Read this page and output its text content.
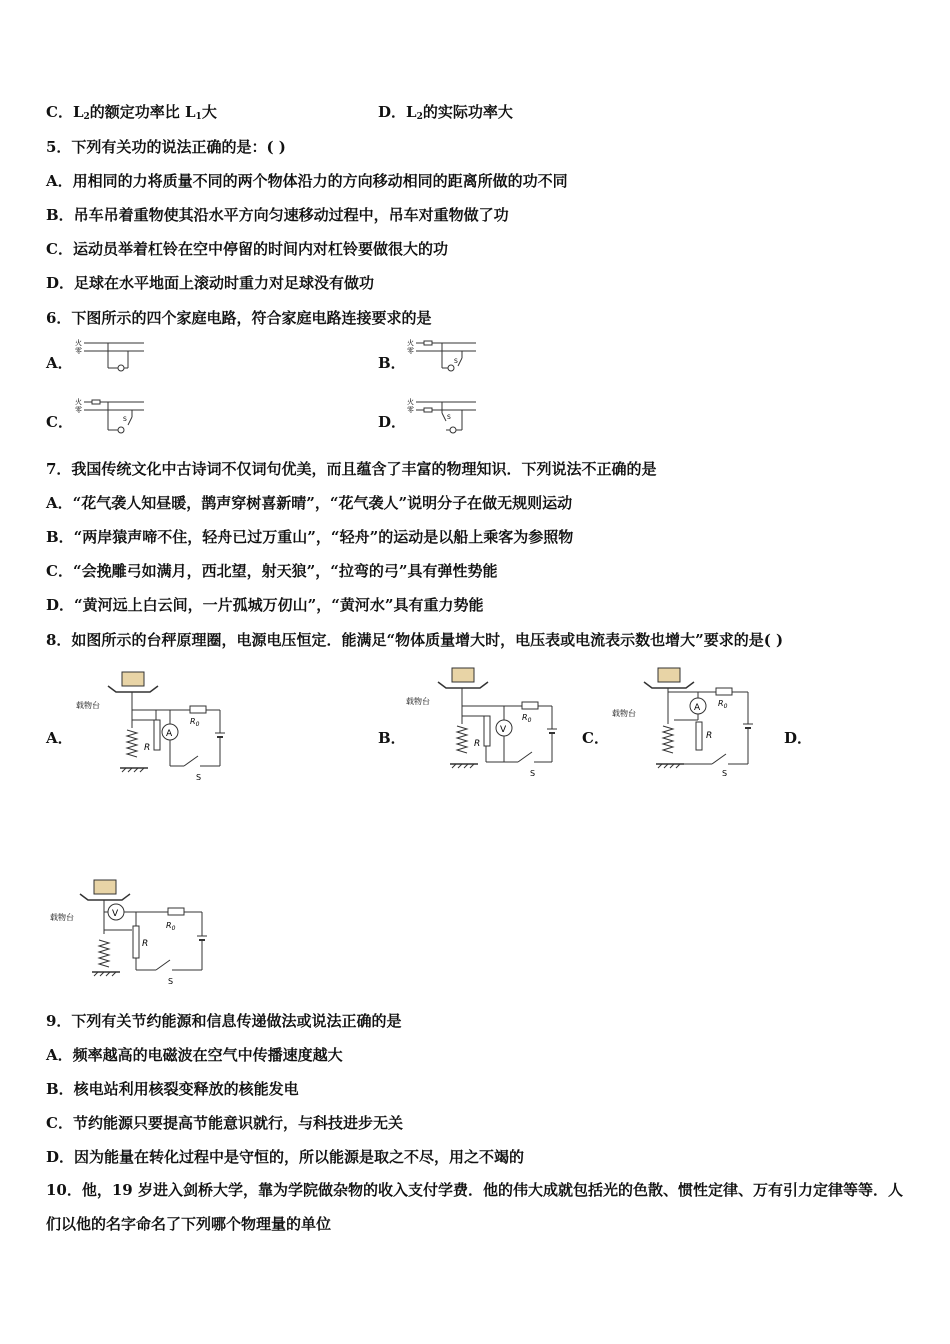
C．$L_2$的额定功率比 $L_1$大	D．$L_2$的实际功率大
5．下列有关功的说法正确的是：( )
A．用相同的力将质量不同的两个物体沿力的方向移动相同的距离所做的功不同
B．吊车吊着重物使其沿水平方向匀速移动过程中，吊车对重物做了功
C．运动员举着杠铃在空中停留的时间内对杠铃要做很大的功
D．足球在水平地面上滚动时重力对足球没有做功
6．下图所示的四个家庭电路，符合家庭电路连接要求的是
A．
火
零
B．
火
零
S
C．
火
零
S	D．
火
零
S
7．我国传统文化中古诗词不仅词句优美，而且蕴含了丰富的物理知识．下列说法不正确的是
A．“花气袭人知昼暖，鹊声穿树喜新晴”，“花气袭人”说明分子在做无规则运动
B．“两岸猿声啼不住，轻舟已过万重山”，“轻舟”的运动是以船上乘客为参照物
C．“会挽雕弓如满月，西北望，射天狼”，“拉弯的弓”具有弹性势能
D．“黄河远上白云间，一片孤城万仞山”，“黄河水”具有重力势能
8．如图所示的台秤原理圈，电源电压恒定．能满足“物体质量增大时，电压表或电流表示数也增大”要求的是( )
A．
载物台
R
A
$R_0$
S
B．
载物台
R
V
$R_0$
S
C．
载物台
A
R
$R_0$
S
D．
载物台	V
R
$R_0$
S
9．下列有关节约能源和信息传递做法或说法正确的是
A．频率越高的电磁波在空气中传播速度越大
B．核电站利用核裂变释放的核能发电
C．节约能源只要提高节能意识就行，与科技进步无关
D．因为能量在转化过程中是守恒的，所以能源是取之不尽，用之不竭的
10．他，19 岁进入剑桥大学，靠为学院做杂物的收入支付学费．他的伟大成就包括光的色散、惯性定律、万有引力定律等等．人们以他的名字命名了下列哪个物理量的单位
